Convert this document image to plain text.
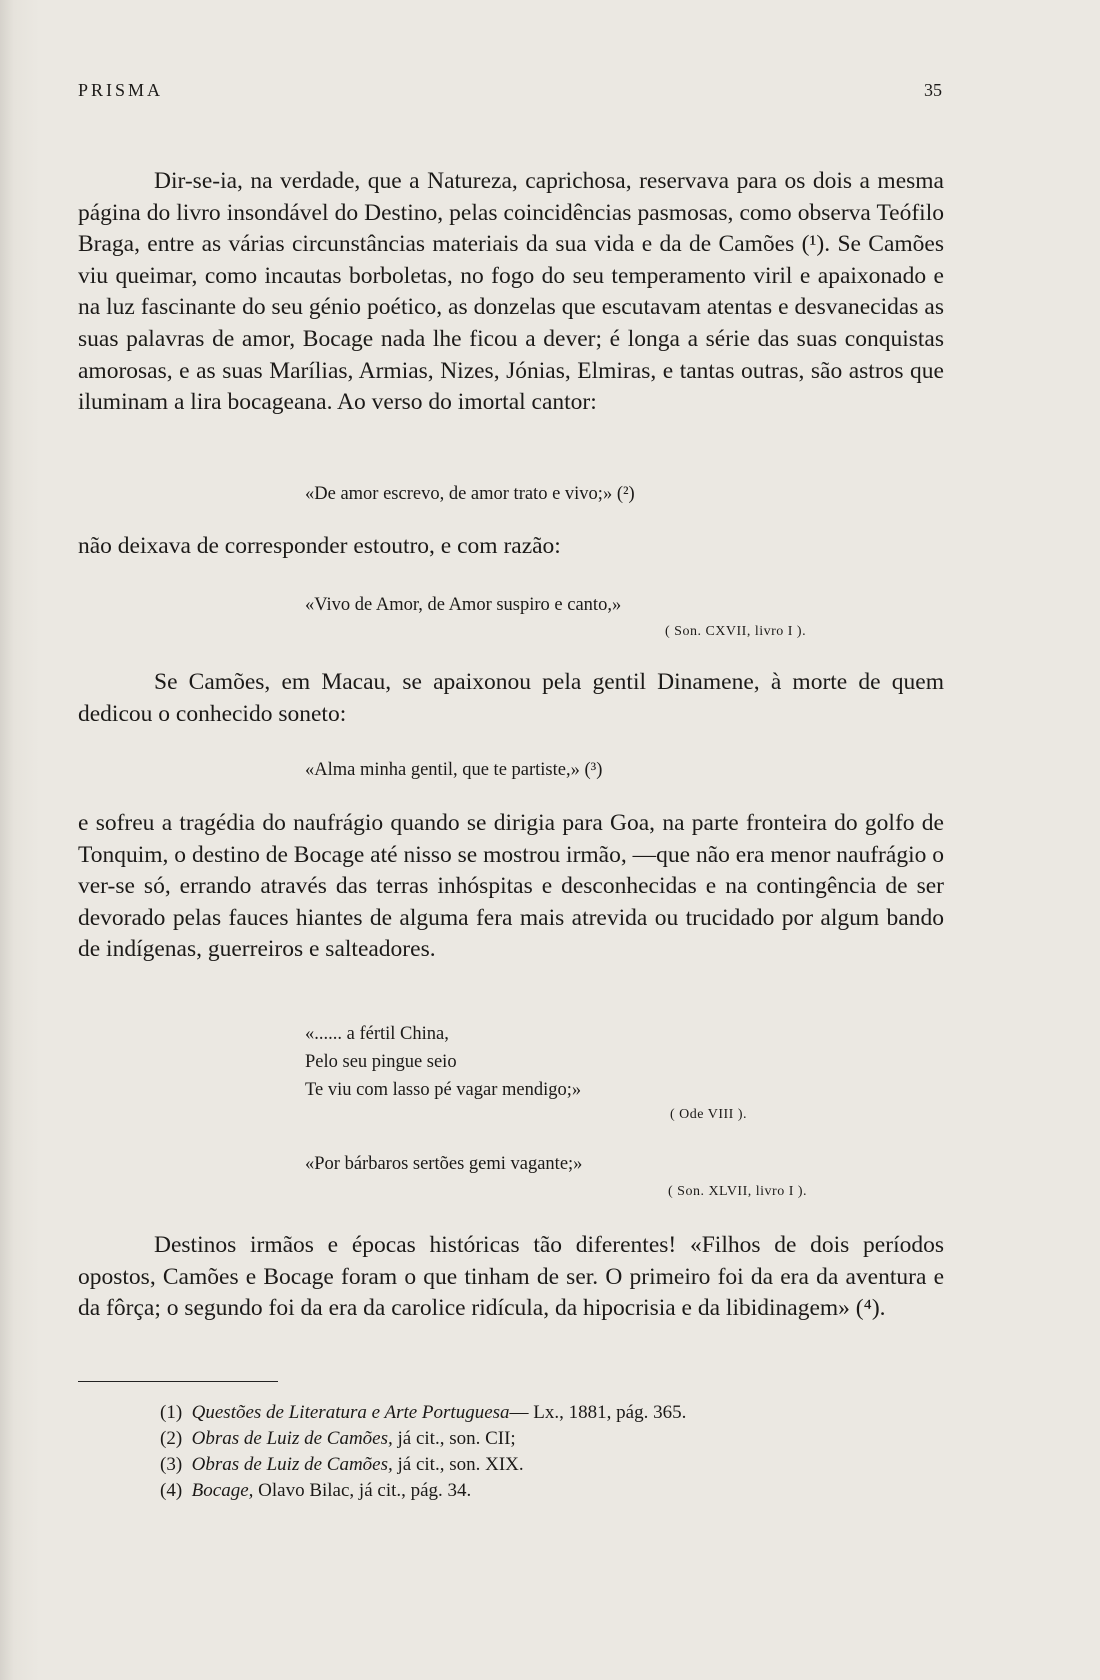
PRISMA	35
Dir-se-ia, na verdade, que a Natureza, caprichosa, reservava para os dois a mesma página do livro insondável do Destino, pelas coincidências pasmosas, como observa Teófilo Braga, entre as várias circunstâncias materiais da sua vida e da de Camões (¹). Se Camões viu queimar, como incautas borboletas, no fogo do seu temperamento viril e apaixonado e na luz fascinante do seu génio poético, as donzelas que escutavam atentas e desvanecidas as suas palavras de amor, Bocage nada lhe ficou a dever; é longa a série das suas conquistas amorosas, e as suas Marílias, Armias, Nizes, Jónias, Elmiras, e tantas outras, são astros que iluminam a lira bocageana. Ao verso do imortal cantor:
«De amor escrevo, de amor trato e vivo;» (²)
não deixava de corresponder estoutro, e com razão:
«Vivo de Amor, de Amor suspiro e canto,»
( Son. CXVII, livro I ).
Se Camões, em Macau, se apaixonou pela gentil Dinamene, à morte de quem dedicou o conhecido soneto:
«Alma minha gentil, que te partiste,» (³)
e sofreu a tragédia do naufrágio quando se dirigia para Goa, na parte fronteira do golfo de Tonquim, o destino de Bocage até nisso se mostrou irmão, —que não era menor naufrágio o ver-se só, errando através das terras inhóspitas e desconhecidas e na contingência de ser devorado pelas fauces hiantes de alguma fera mais atrevida ou trucidado por algum bando de indígenas, guerreiros e salteadores.
«...... a fértil China,
Pelo seu pingue seio
Te viu com lasso pé vagar mendigo;»
( Ode VIII ).
«Por bárbaros sertões gemi vagante;»
( Son. XLVII, livro I ).
Destinos irmãos e épocas históricas tão diferentes! «Filhos de dois períodos opostos, Camões e Bocage foram o que tinham de ser. O primeiro foi da era da aventura e da fôrça; o segundo foi da era da carolice ridícula, da hipocrisia e da libidinagem» (⁴).
(1) Questões de Literatura e Arte Portuguesa— Lx., 1881, pág. 365.
(2) Obras de Luiz de Camões, já cit., son. CII;
(3) Obras de Luiz de Camões, já cit., son. XIX.
(4) Bocage, Olavo Bilac, já cit., pág. 34.
